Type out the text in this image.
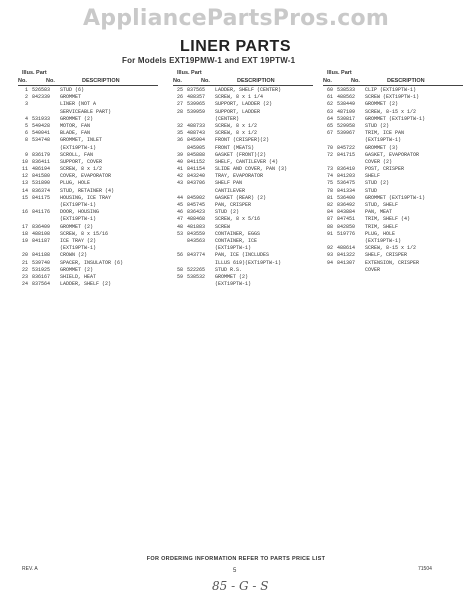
AppliancePartsPros.com
LINER PARTS
For Models EXT19PMW-1 and EXT 19PTW-1
Illus. Part
No.	No.	DESCRIPTION
1 526583	STUD (6)
2 842339	GROMMET
3	LINER (NOT A
SERVICEABLE PART)
4 531933	GROMMET (2)
5 549428	MOTOR, FAN
6 540041	BLADE, FAN
8 534748	GROMMET, INLET
(EXT19PTW-1)
9 836179	SCROLL, FAN
10 836411	SUPPORT, COVER
11 486194	SCREW, 8 x 1/2
12 841580	COVER, EVAPORATOR
13 531890	PLUG, HOLE
14 836374	STUD, RETAINER (4)
15 841175	HOUSING, ICE TRAY
(EXT19PTW-1)
16 841176	DOOR, HOUSING
(EXT19PTW-1)
17 836409	GROMMET (2)
18 488108	SCREW, 8 x 15/16
19 841187	ICE TRAY (2)
(EXT19PTW-1)
20 841188	CROWN (2)
21 539740	SPACER, INSULATOR (6)
22 531925	GROMMET (2)
23 836167	SHIELD, HEAT
24 837564	LADDER, SHELF (2)
Illus. Part
No.	No.	DESCRIPTION
25 837565	LADDER, SHELF (CENTER)
26 488357	SCREW, 8 x 1 1/4
27 539965	SUPPORT, LADDER (2)
28 539959	SUPPORT, LADDER
(CENTER)
32 488733	SCREW, 8 x 1/2
35 488743	SCREW, 8 x 1/2
36 845904	FRONT (CRISPER)(2)
845905	FRONT (MEATS)
39 845888	GASKET (FRONT)(2)
40 841152	SHELF, CANTILEVER (4)
41 841154	SLIDE AND COVER, PAN (3)
42 843240	TRAY, EVAPORATOR
43 843706	SHELF PAN
CANTILEVER
44 845902	GASKET (REAR) (2)
45 845745	PAN, CRISPER
46 836423	STUD (2)
47 488468	SCREW, 8 x 5/16
48 481883	SCREW
53 843559	CONTAINER, EGGS
843563	CONTAINER, ICE
(EXT19PTW-1)
56 843774	PAN, ICE (INCLUDES
ILLUS 619)(EXT19PTW-1)
58 522265	STUD R.S.
59 538532	GROMMET (2)
(EXT19PTW-1)
Illus. Part
No.	No.	DESCRIPTION
60 538533	CLIP (EXT19PTW-1)
61 488562	SCREW (EXT19PTW-1)
62 538449	GROMMET (2)
63 487109	SCREW, 8-15 x 1/2
64 530817	GROMMET (EXT19PTW-1)
65 529958	STUD (2)
67 539967	TRIM, ICE PAN
(EXT19PTW-1)
70 845722	GROMMET (3)
72 841715	GASKET, EVAPORATOR
COVER (2)
73 836410	POST, CRISPER
74 841203	SHELF
75 536475	STUD (2)
78 841334	STUD
81 536400	GROMMET (EXT19PTW-1)
82 836492	STUD, SHELF
84 843884	PAN, MEAT
87 847451	TRIM, SHELF (4)
88 842850	TRIM, SHELF
91 519776	PLUG, HOLE
(EXT19PTW-1)
92 488614	SCREW, 8-15 x 1/2
93 841322	SHELF, CRISPER
94 841307	EXTENSION, CRISPER
COVER
FOR ORDERING INFORMATION REFER TO PARTS PRICE LIST
REV. A	5	71504
85 - G - S
